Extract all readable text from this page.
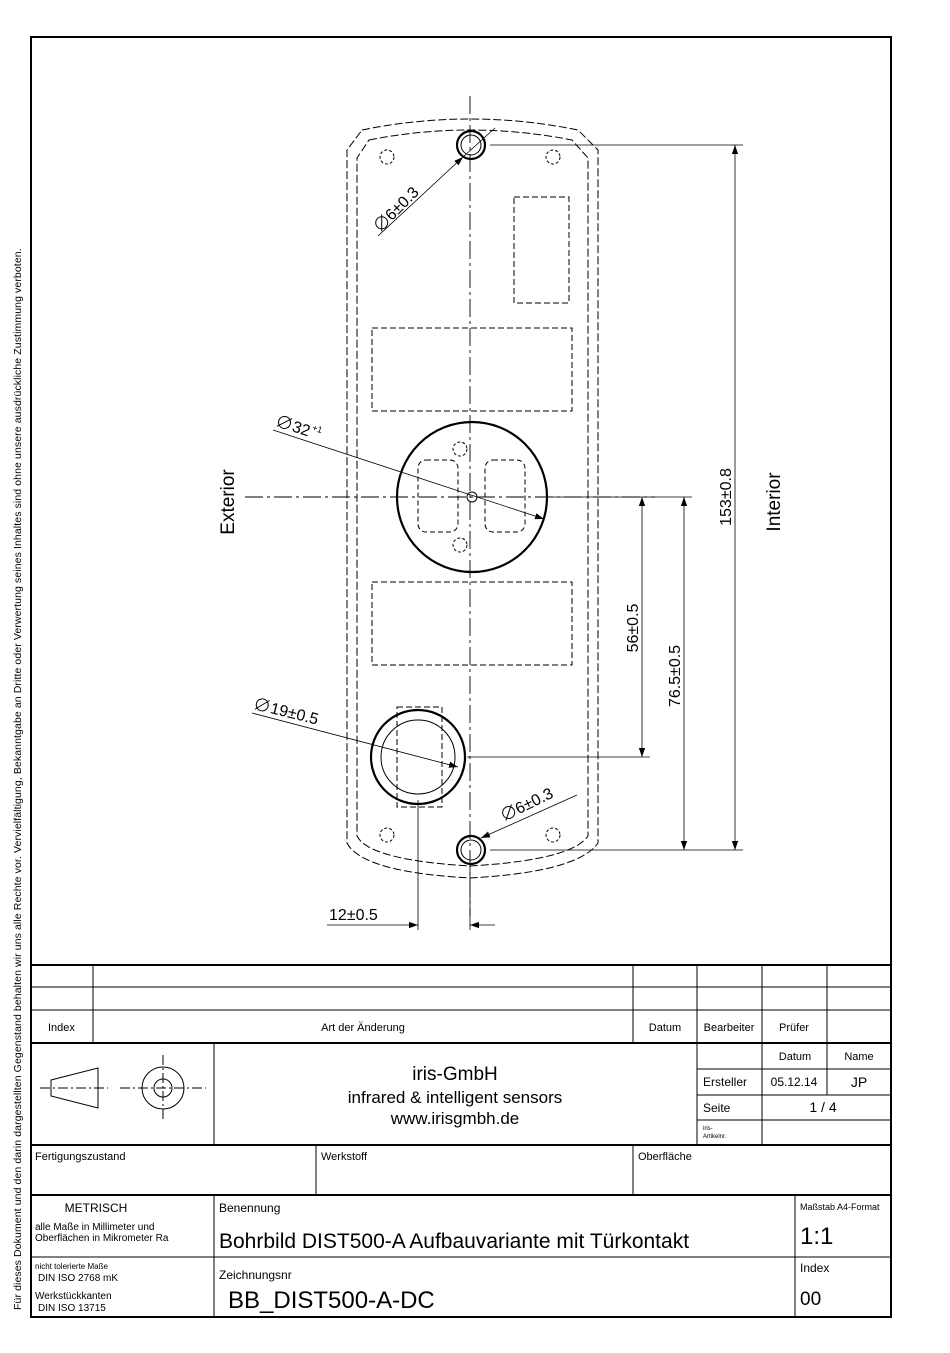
Für dieses Dokument und den darin dargestellten Gegenstand behalten wir uns alle Rechte vor. Vervielfältigung, Bekanntgabe an Dritte oder Verwertung seines Inhaltes sind ohne unsere ausdrückliche Zustimmung verboten.	153±0.8
76.5±0.5
56±0.5
12±0.5
6±0.3
6±0.3
32
+1
19±0.5
Exterior	Interior
Index	Art der Änderung	Datum Bearbeiter Prüfer
iris-GmbH
infrared & intelligent sensors
www.irisgmbh.de
Datum	Name
Ersteller 05.12.14 JP
Seite	1 / 4
iris-
Artikelnr.
Fertigungszustand	Werkstoff	Oberfläche
METRISCH
alle Maße in Millimeter und
Oberflächen in Mikrometer Ra
nicht tolerierte Maße
DIN ISO 2768 mK
Werkstückkanten
DIN ISO 13715
Benennung
Bohrbild DIST500-A Aufbauvariante mit Türkontakt
Zeichnungsnr
BB_DIST500-A-DC
Maßstab A4-Format
1:1
Index
00
